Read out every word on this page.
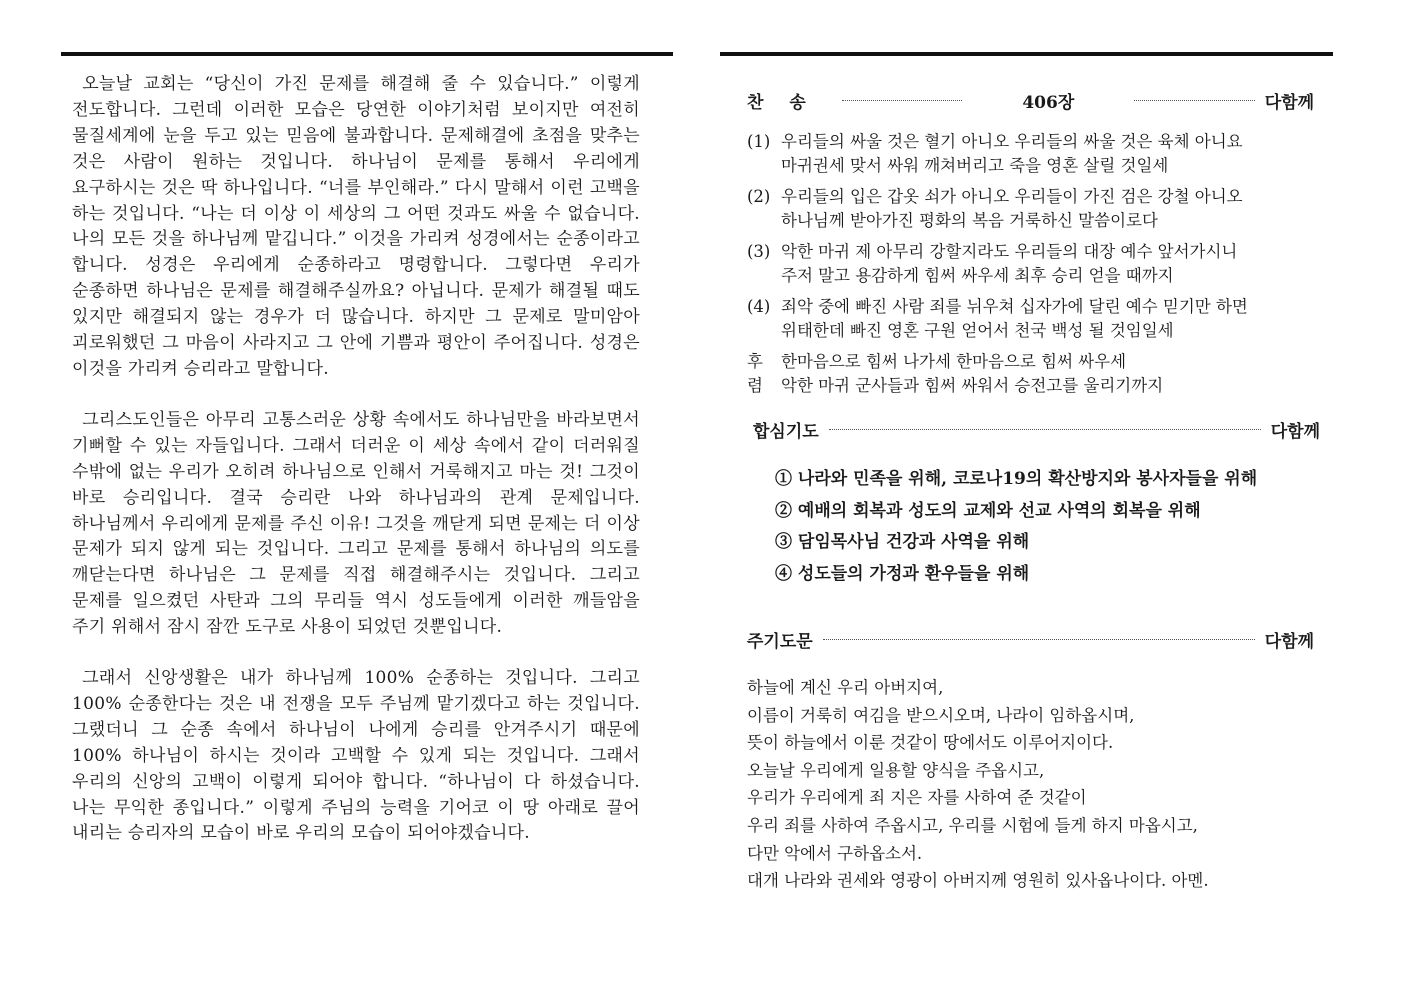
오늘날 교회는 “당신이 가진 문제를 해결해 줄 수 있습니다.” 이렇게 전도합니다. 그런데 이러한 모습은 당연한 이야기처럼 보이지만 여전히 물질세계에 눈을 두고 있는 믿음에 불과합니다. 문제해결에 초점을 맞추는 것은 사람이 원하는 것입니다. 하나님이 문제를 통해서 우리에게 요구하시는 것은 딱 하나입니다. “너를 부인해라.” 다시 말해서 이런 고백을 하는 것입니다. “나는 더 이상 이 세상의 그 어떤 것과도 싸울 수 없습니다. 나의 모든 것을 하나님께 맡깁니다.” 이것을 가리켜 성경에서는 순종이라고 합니다. 성경은 우리에게 순종하라고 명령합니다. 그렇다면 우리가 순종하면 하나님은 문제를 해결해주실까요? 아닙니다. 문제가 해결될 때도 있지만 해결되지 않는 경우가 더 많습니다. 하지만 그 문제로 말미암아 괴로워했던 그 마음이 사라지고 그 안에 기쁨과 평안이 주어집니다. 성경은 이것을 가리켜 승리라고 말합니다.

그리스도인들은 아무리 고통스러운 상황 속에서도 하나님만을 바라보면서 기뻐할 수 있는 자들입니다. 그래서 더러운 이 세상 속에서 같이 더러워질 수밖에 없는 우리가 오히려 하나님으로 인해서 거룩해지고 마는 것! 그것이 바로 승리입니다. 결국 승리란 나와 하나님과의 관계 문제입니다. 하나님께서 우리에게 문제를 주신 이유! 그것을 깨닫게 되면 문제는 더 이상 문제가 되지 않게 되는 것입니다. 그리고 문제를 통해서 하나님의 의도를 깨닫는다면 하나님은 그 문제를 직접 해결해주시는 것입니다. 그리고 문제를 일으켰던 사탄과 그의 무리들 역시 성도들에게 이러한 깨들암을 주기 위해서 잠시 잠깐 도구로 사용이 되었던 것뿐입니다.

그래서 신앙생활은 내가 하나님께 100% 순종하는 것입니다. 그리고 100% 순종한다는 것은 내 전쟁을 모두 주님께 맡기겠다고 하는 것입니다. 그랬더니 그 순종 속에서 하나님이 나에게 승리를 안겨주시기 때문에 100% 하나님이 하시는 것이라 고백할 수 있게 되는 것입니다. 그래서 우리의 신앙의 고백이 이렇게 되어야 합니다. “하나님이 다 하셨습니다. 나는 무익한 종입니다.” 이렇게 주님의 능력을 기어코 이 땅 아래로 끌어 내리는 승리자의 모습이 바로 우리의 모습이 되어야겠습니다.

찬송	406장	다함께
(1) 우리들의 싸울 것은 혈기 아니오 우리들의 싸울 것은 육체 아니요
마귀권세 맞서 싸워 깨쳐버리고 죽을 영혼 살릴 것일세
(2) 우리들의 입은 갑옷 쇠가 아니오 우리들이 가진 검은 강철 아니오
하나님께 받아가진 평화의 복음 거룩하신 말씀이로다
(3) 악한 마귀 제 아무리 강할지라도 우리들의 대장 예수 앞서가시니
주저 말고 용감하게 힘써 싸우세 최후 승리 얻을 때까지
(4) 죄악 중에 빠진 사람 죄를 뉘우쳐 십자가에 달린 예수 믿기만 하면
위태한데 빠진 영혼 구원 얻어서 천국 백성 될 것임일세
후
렴
한마음으로 힘써 나가세 한마음으로 힘써 싸우세
악한 마귀 군사들과 힘써 싸워서 승전고를 울리기까지
합심기도	다함께
① 나라와 민족을 위해, 코로나19의 확산방지와 봉사자들을 위해
② 예배의 회복과 성도의 교제와 선교 사역의 회복을 위해
③ 담임목사님 건강과 사역을 위해
④ 성도들의 가정과 환우들을 위해
주기도문	다함께
하늘에 계신 우리 아버지여,
이름이 거룩히 여김을 받으시오며, 나라이 임하옵시며,
뜻이 하늘에서 이룬 것같이 땅에서도 이루어지이다.
오늘날 우리에게 일용할 양식을 주옵시고,
우리가 우리에게 죄 지은 자를 사하여 준 것같이
우리 죄를 사하여 주옵시고, 우리를 시험에 들게 하지 마옵시고,
다만 악에서 구하옵소서.
대개 나라와 권세와 영광이 아버지께 영원히 있사옵나이다. 아멘.
